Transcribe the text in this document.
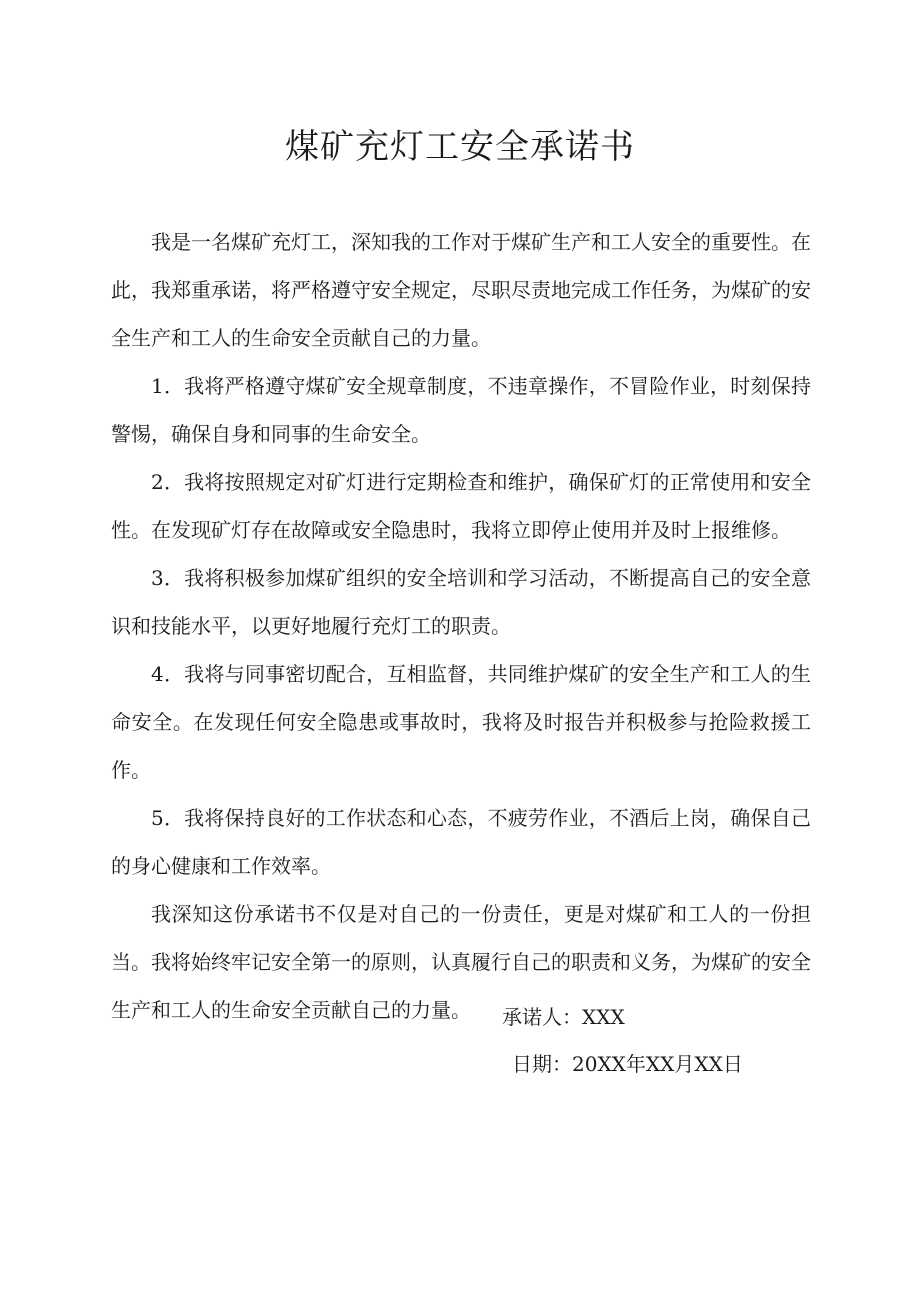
煤矿充灯工安全承诺书

我是一名煤矿充灯工，深知我的工作对于煤矿生产和工人安全的重要性。在此，我郑重承诺，将严格遵守安全规定，尽职尽责地完成工作任务，为煤矿的安全生产和工人的生命安全贡献自己的力量。

1．我将严格遵守煤矿安全规章制度，不违章操作，不冒险作业，时刻保持警惕，确保自身和同事的生命安全。

2．我将按照规定对矿灯进行定期检查和维护，确保矿灯的正常使用和安全性。在发现矿灯存在故障或安全隐患时，我将立即停止使用并及时上报维修。

3．我将积极参加煤矿组织的安全培训和学习活动，不断提高自己的安全意识和技能水平，以更好地履行充灯工的职责。

4．我将与同事密切配合，互相监督，共同维护煤矿的安全生产和工人的生命安全。在发现任何安全隐患或事故时，我将及时报告并积极参与抢险救援工作。

5．我将保持良好的工作状态和心态，不疲劳作业，不酒后上岗，确保自己的身心健康和工作效率。

我深知这份承诺书不仅是对自己的一份责任，更是对煤矿和工人的一份担当。我将始终牢记安全第一的原则，认真履行自己的职责和义务，为煤矿的安全生产和工人的生命安全贡献自己的力量。	承诺人：XXX
日期：20XX年XX月XX日
